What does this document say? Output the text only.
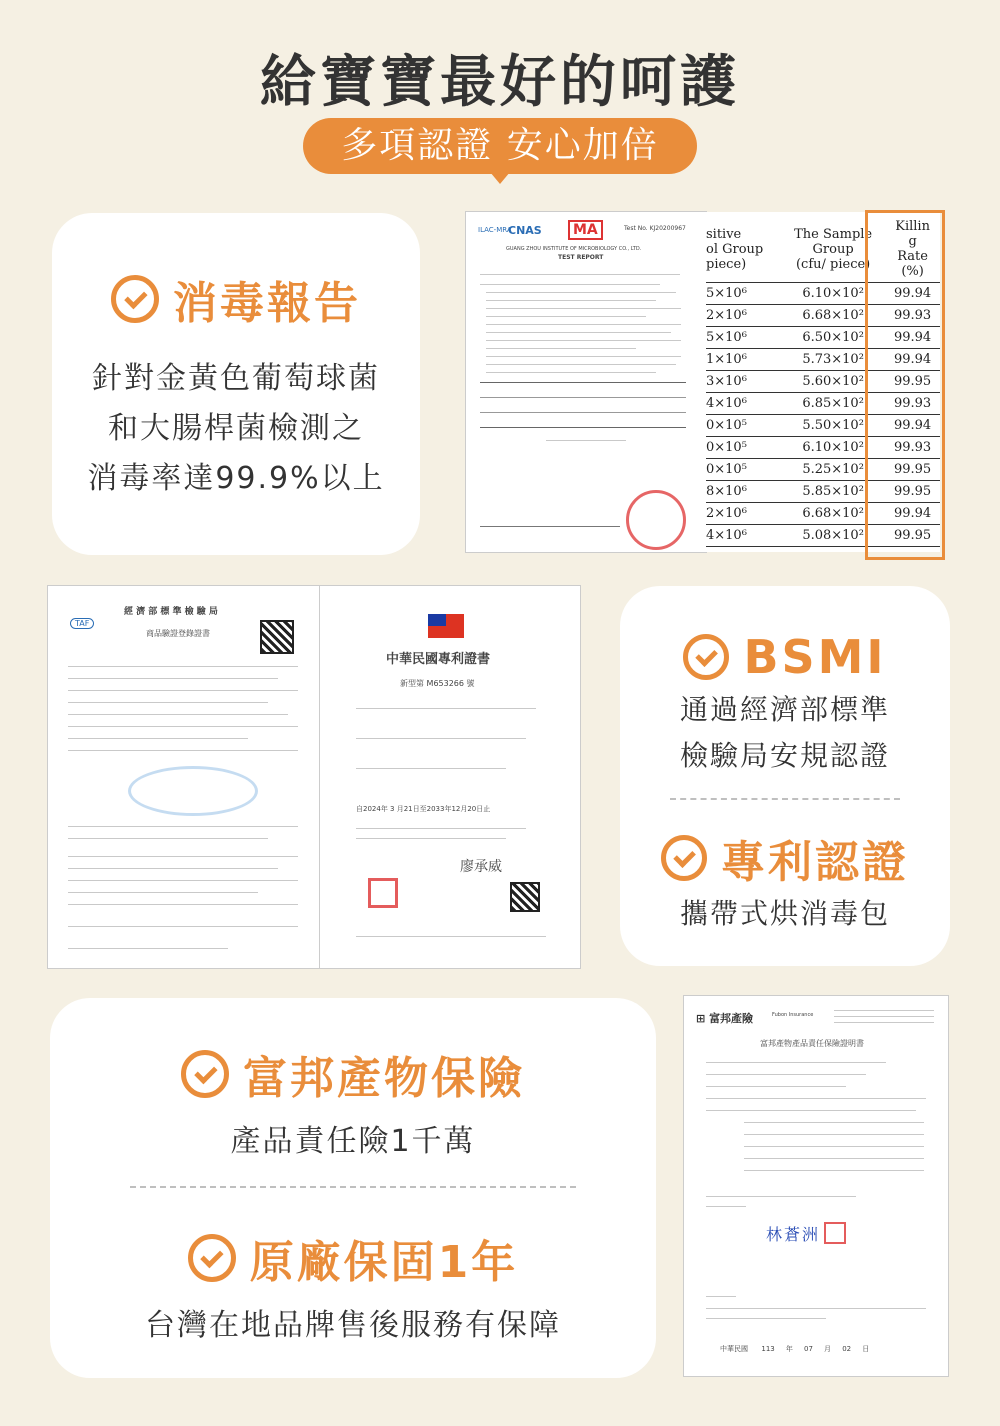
給寶寶最好的呵護
多項認證 安心加倍
消毒報告
針對金黃色葡萄球菌
和大腸桿菌檢測之
消毒率達99.9%以上
ILAC-MRA
CNAS	MA	Test No. KJ20200967
GUANG ZHOU INSTITUTE OF MICROBIOLOGY CO., LTD.
TEST REPORT
sitive
ol Group
piece)	The Sample
Group
(cfu/ piece)	Killin
g
Rate
(%)
5×10⁶	6.10×10²	99.94
2×10⁶	6.68×10²	99.93
5×10⁶	6.50×10²	99.94
1×10⁶	5.73×10²	99.94
3×10⁶	5.60×10²	99.95
4×10⁶	6.85×10²	99.93
0×10⁵	5.50×10²	99.94
0×10⁵	6.10×10²	99.93
0×10⁵	5.25×10²	99.95
8×10⁶	5.85×10²	99.95
2×10⁶	6.68×10²	99.94
4×10⁶	5.08×10²	99.95
TAF
經 濟 部 標 準 檢 驗 局
商品驗證登錄證書
中華民國專利證書
新型第 M653266 號
自2024年 3 月21日至2033年12月20日止
廖承威
BSMI
通過經濟部標準
檢驗局安規認證
專利認證
攜帶式烘消毒包
富邦產物保險
產品責任險1千萬
原廠保固1年
台灣在地品牌售後服務有保障
⊞ 富邦產險	Fubon Insurance
富邦產物產品責任保險證明書
林蒼洲
中華民國 113     年     07     月     02     日
